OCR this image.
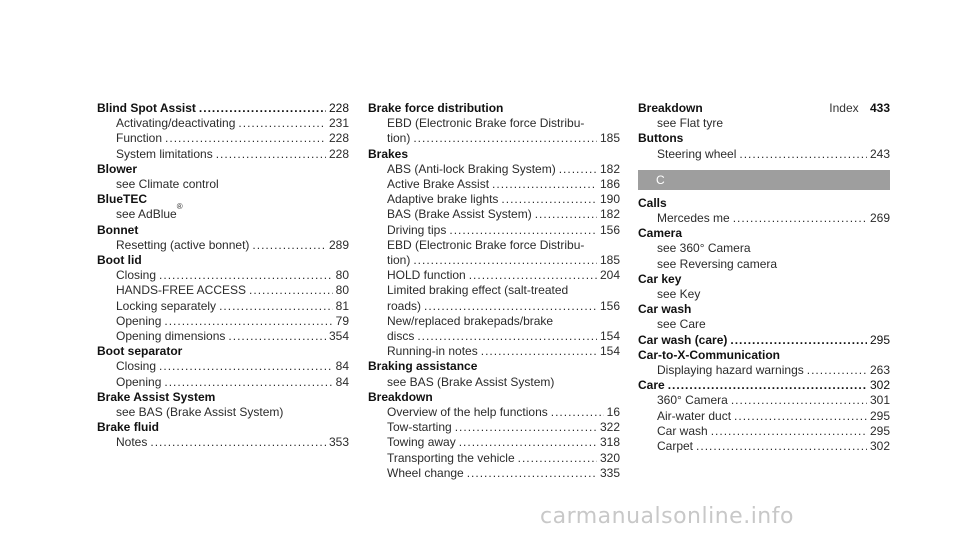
Index 433
Blind Spot Assist .....	228
Activating/deactivating .....	231
Function .....	228
System limitations .....	228
Blower
see Climate control
BlueTEC
see AdBlue
®
Bonnet
Resetting (active bonnet) .....	289
Boot lid
Closing .....	80
HANDS-FREE ACCESS .....	80
Locking separately .....	81
Opening .....	79
Opening dimensions .....	354
Boot separator
Closing .....	84
Opening .....	84
Brake Assist System
see BAS (Brake Assist System)
Brake fluid
Notes .....	353
Brake force distribution
EBD (Electronic Brake force Distribu-
tion) .....	185
Brakes
ABS (Anti-lock Braking System) .....	182
Active Brake Assist .....	186
Adaptive brake lights .....	190
BAS (Brake Assist System) .....	182
Driving tips .....	156
EBD (Electronic Brake force Distribu-
tion) .....	185
HOLD function .....	204
Limited braking effect (salt-treated
roads) .....	156
New/replaced brakepads/brake
discs .....	154
Running-in notes .....	154
Braking assistance
see BAS (Brake Assist System)
Breakdown
Overview of the help functions .....	16
Tow-starting .....	322
Towing away .....	318
Transporting the vehicle .....	320
Wheel change .....	335
Breakdown
see Flat tyre
Buttons
Steering wheel .....	243
C
Calls
Mercedes me .....	269
Camera
see 360° Camera
see Reversing camera
Car key
see Key
Car wash
see Care
Car wash (care) .....	295
Car-to-X-Communication
Displaying hazard warnings .....	263
Care .....	302
360° Camera .....	301
Air-water duct .....	295
Car wash .....	295
Carpet .....	302
carmanualsonline.info
